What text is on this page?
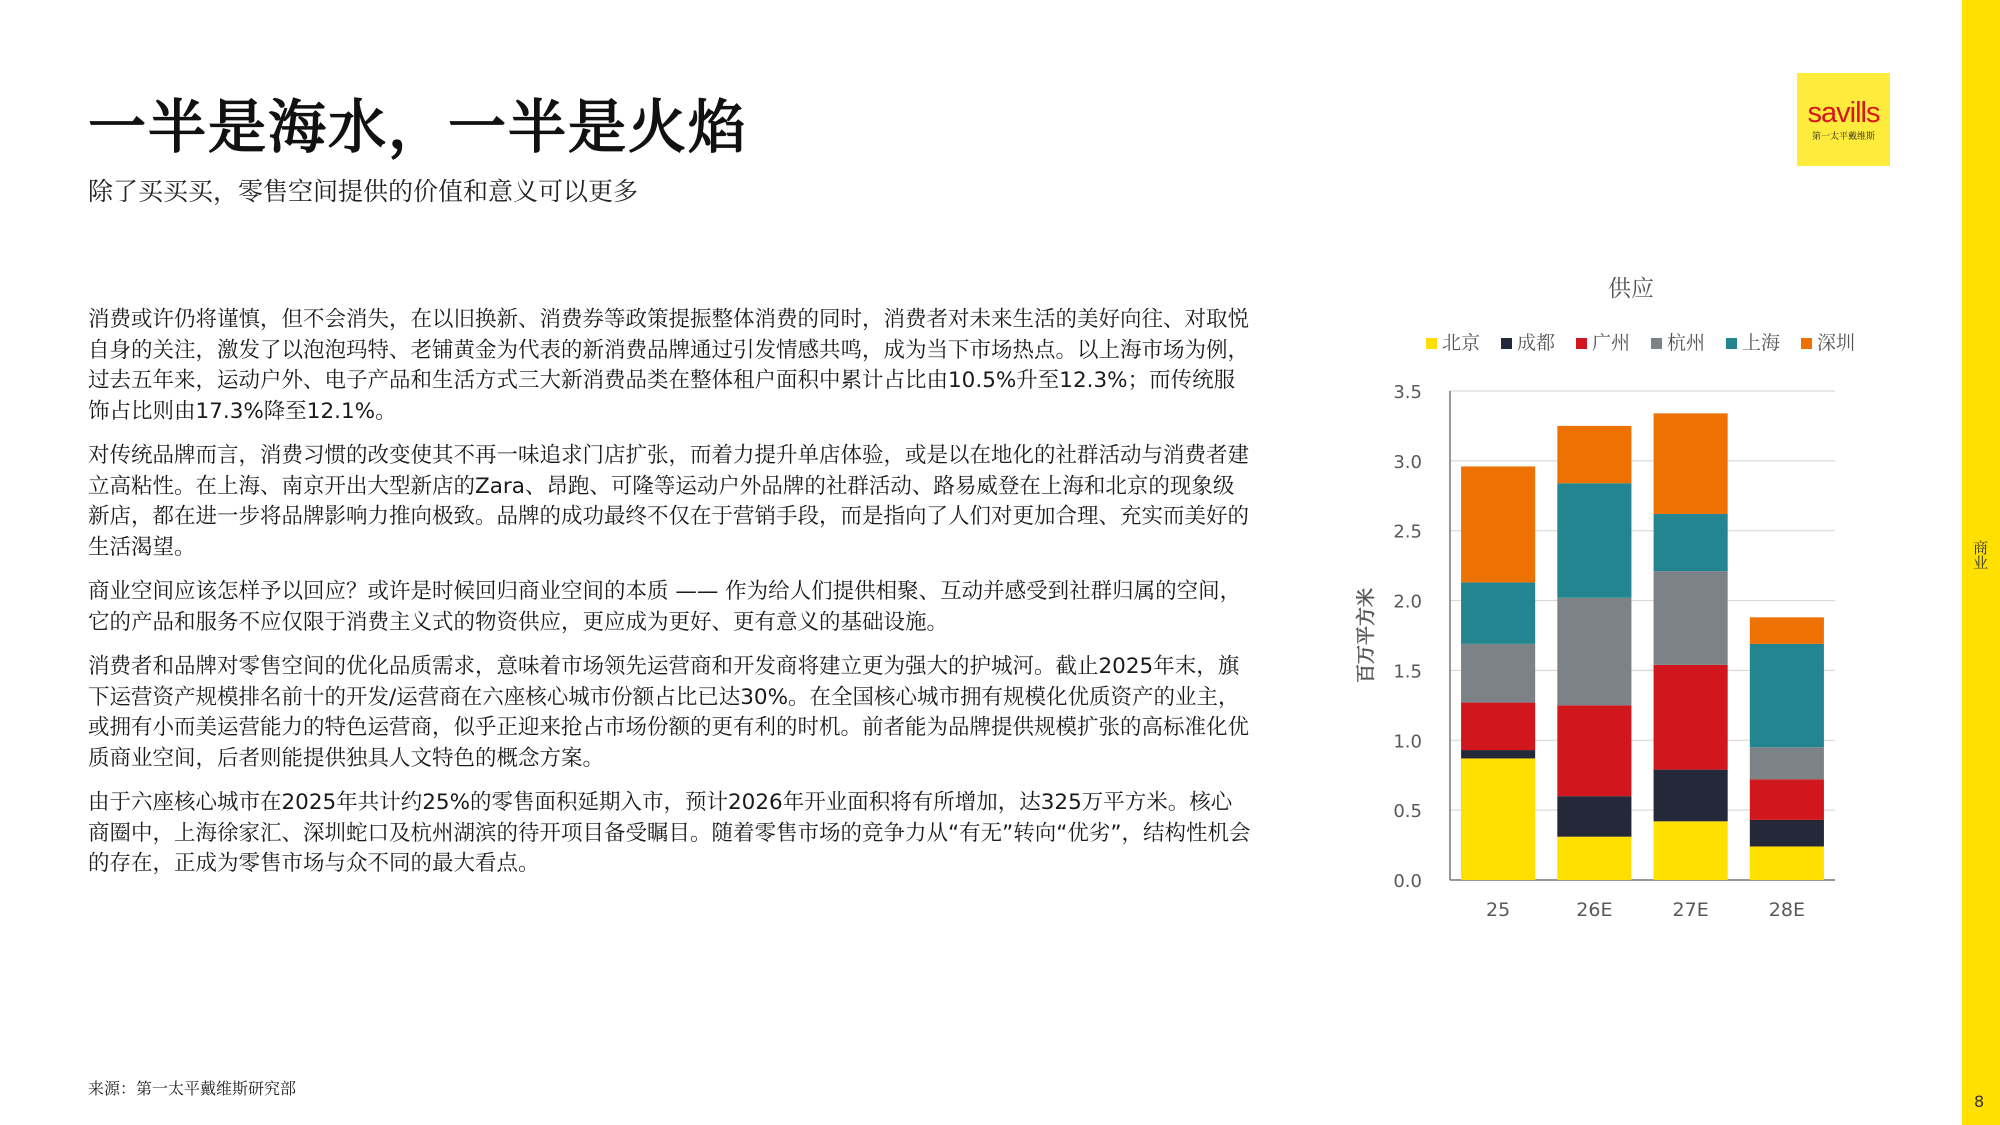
一半是海水，一半是火焰
除了买买买，零售空间提供的价值和意义可以更多

消费或许仍将谨慎，但不会消失，在以旧换新、消费券等政策提振整体消费的同时，消费者对未来生活的美好向往、对取悦自身的关注，激发了以泡泡玛特、老铺黄金为代表的新消费品牌通过引发情感共鸣，成为当下市场热点。以上海市场为例，过去五年来，运动户外、电子产品和生活方式三大新消费品类在整体租户面积中累计占比由10.5%升至12.3%；而传统服饰占比则由17.3%降至12.1%。

对传统品牌而言，消费习惯的改变使其不再一味追求门店扩张，而着力提升单店体验，或是以在地化的社群活动与消费者建立高粘性。在上海、南京开出大型新店的Zara、昂跑、可隆等运动户外品牌的社群活动、路易威登在上海和北京的现象级新店，都在进一步将品牌影响力推向极致。品牌的成功最终不仅在于营销手段，而是指向了人们对更加合理、充实而美好的生活渴望。

商业空间应该怎样予以回应？或许是时候回归商业空间的本质 —— 作为给人们提供相聚、互动并感受到社群归属的空间，它的产品和服务不应仅限于消费主义式的物资供应，更应成为更好、更有意义的基础设施。

消费者和品牌对零售空间的优化品质需求，意味着市场领先运营商和开发商将建立更为强大的护城河。截止2025年末，旗下运营资产规模排名前十的开发/运营商在六座核心城市份额占比已达30%。在全国核心城市拥有规模化优质资产的业主，或拥有小而美运营能力的特色运营商，似乎正迎来抢占市场份额的更有利的时机。前者能为品牌提供规模扩张的高标准化优质商业空间，后者则能提供独具人文特色的概念方案。

由于六座核心城市在2025年共计约25%的零售面积延期入市，预计2026年开业面积将有所增加，达325万平方米。核心商圈中，上海徐家汇、深圳蛇口及杭州湖滨的待开项目备受瞩目。随着零售市场的竞争力从“有无”转向“优劣”，结构性机会的存在，正成为零售市场与众不同的最大看点。

来源：第一太平戴维斯研究部
savills
第一太平戴维斯
商业
8
供应
北京 成都 广州 杭州 上海 深圳
0.0
0.5
1.0
1.5
2.0
2.5
3.0
3.5
百万平方米
25	26E	27E	28E
